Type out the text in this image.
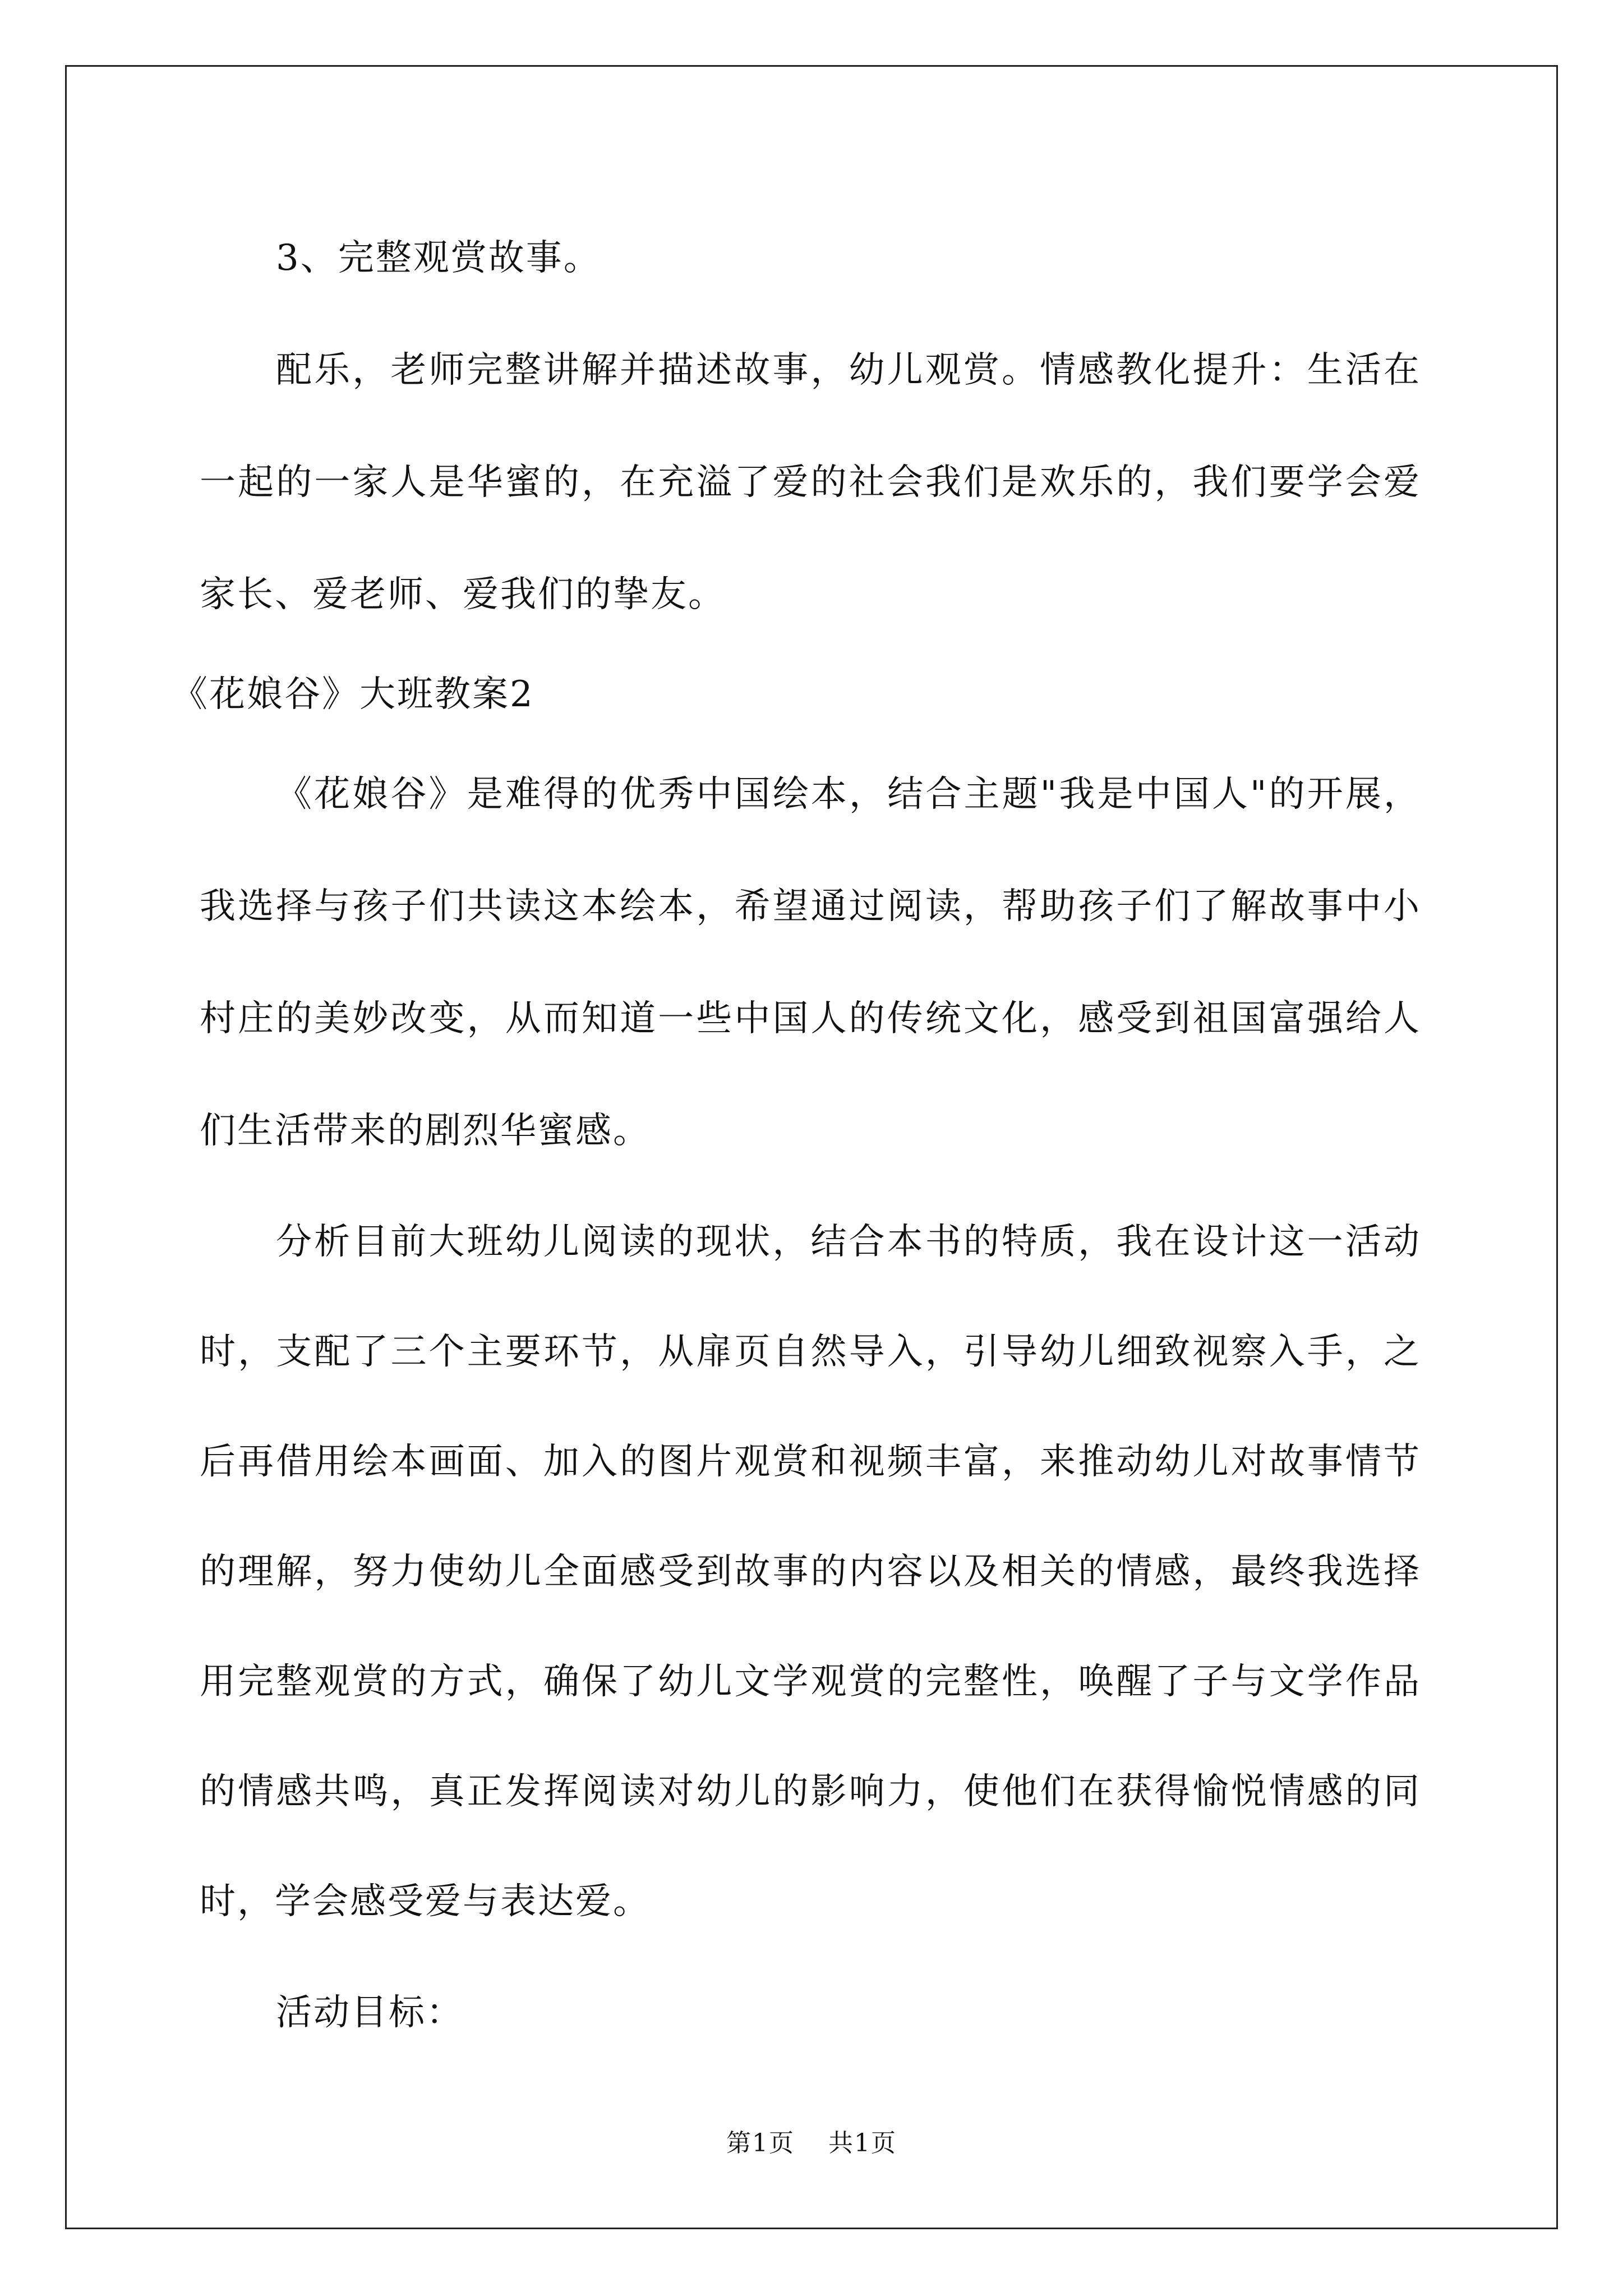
3、完整观赏故事。

配乐，老师完整讲解并描述故事，幼儿观赏。情感教化提升：生活在一起的一家人是华蜜的，在充溢了爱的社会我们是欢乐的，我们要学会爱家长、爱老师、爱我们的挚友。

《花娘谷》大班教案2

《花娘谷》是难得的优秀中国绘本，结合主题"我是中国人"的开展，我选择与孩子们共读这本绘本，希望通过阅读，帮助孩子们了解故事中小村庄的美妙改变，从而知道一些中国人的传统文化，感受到祖国富强给人们生活带来的剧烈华蜜感。

分析目前大班幼儿阅读的现状，结合本书的特质，我在设计这一活动时，支配了三个主要环节，从扉页自然导入，引导幼儿细致视察入手，之后再借用绘本画面、加入的图片观赏和视频丰富，来推动幼儿对故事情节的理解，努力使幼儿全面感受到故事的内容以及相关的情感，最终我选择用完整观赏的方式，确保了幼儿文学观赏的完整性，唤醒了子与文学作品的情感共鸣，真正发挥阅读对幼儿的影响力，使他们在获得愉悦情感的同时，学会感受爱与表达爱。

活动目标：

第1页 共1页
